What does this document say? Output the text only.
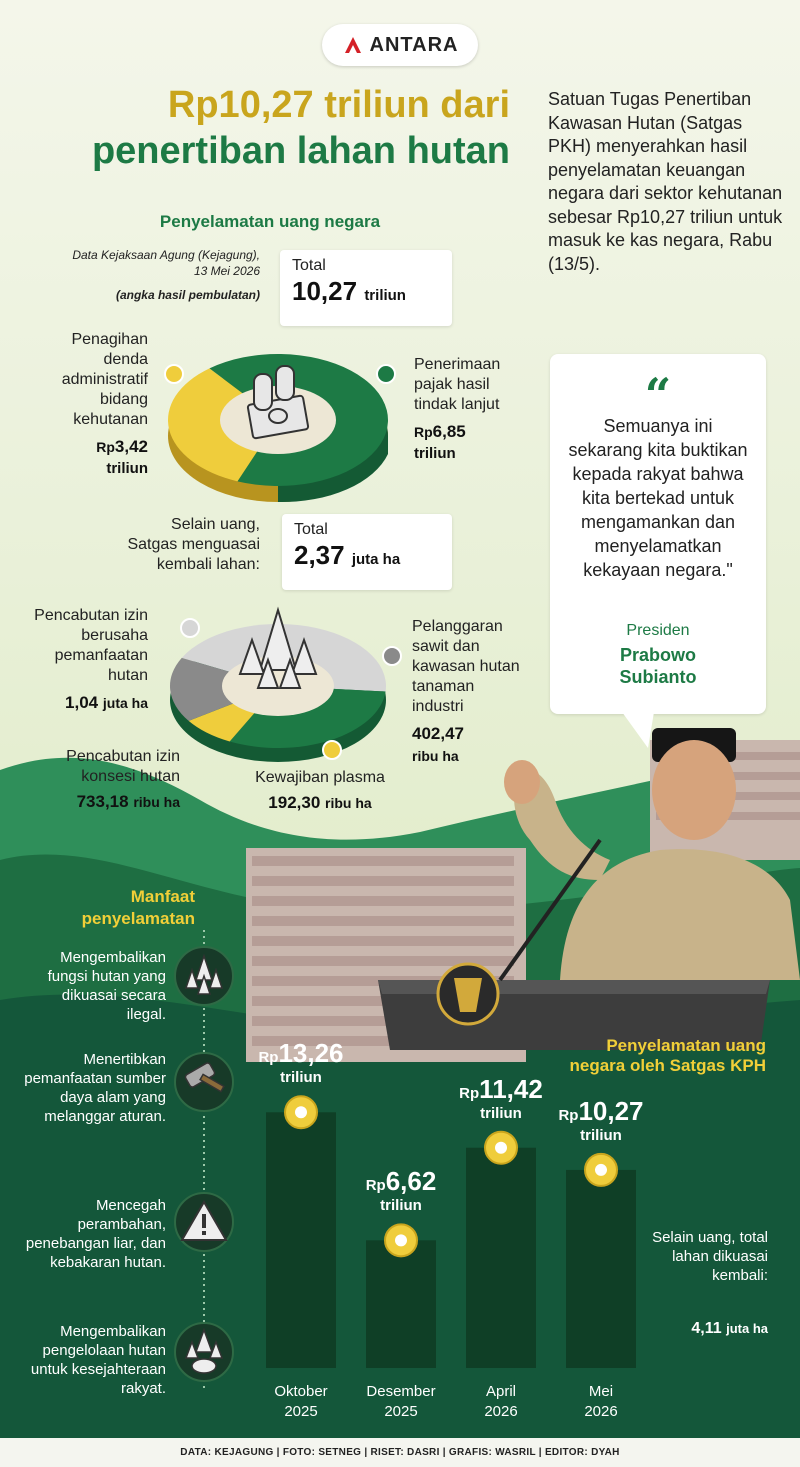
ANTARA
Rp10,27 triliun dari
penertiban lahan hutan
Satuan Tugas Penertiban Kawasan Hutan (Satgas PKH) menyerahkan hasil penyelamatan keuangan negara dari sektor kehutanan sebesar Rp10,27 triliun untuk masuk ke kas negara, Rabu (13/5).
Penyelamatan uang negara
Data Kejaksaan Agung (Kejagung), 13 Mei 2026
(angka hasil pembulatan)
Total
10,27 triliun
Penagihan denda administratif bidang kehutanan
Rp3,42
triliun
Penerimaan pajak hasil tindak lanjut
Rp6,85
triliun
Selain uang, Satgas menguasai kembali lahan:
Total
2,37 juta ha
Pencabutan izin berusaha pemanfaatan hutan
1,04 juta ha
Pencabutan izin konsesi hutan
733,18 ribu ha
Kewajiban plasma
192,30 ribu ha
Pelanggaran sawit dan kawasan hutan tanaman industri
402,47
ribu ha
“
Semuanya ini sekarang kita buktikan kepada rakyat bahwa kita bertekad untuk mengamankan dan menyelamatkan kekayaan negara."
Presiden
Prabowo
Subianto
Manfaat penyelamatan
Mengembalikan fungsi hutan yang dikuasai secara ilegal.
Menertibkan pemanfaatan sumber daya alam yang melanggar aturan.
Mencegah perambahan, penebangan liar, dan kebakaran hutan.
Mengembalikan pengelolaan hutan untuk kesejahteraan rakyat.
Penyelamatan uang negara oleh Satgas KPH
Rp13,26
triliun
Rp6,62
triliun
Rp11,42
triliun	Rp10,27
triliun
Oktober
2025
Desember
2025
April
2026
Mei
2026
Selain uang, total lahan dikuasai kembali:
4,11 juta ha
DATA: KEJAGUNG | FOTO: SETNEG | RISET: DASRI | GRAFIS: WASRIL | EDITOR: DYAH
